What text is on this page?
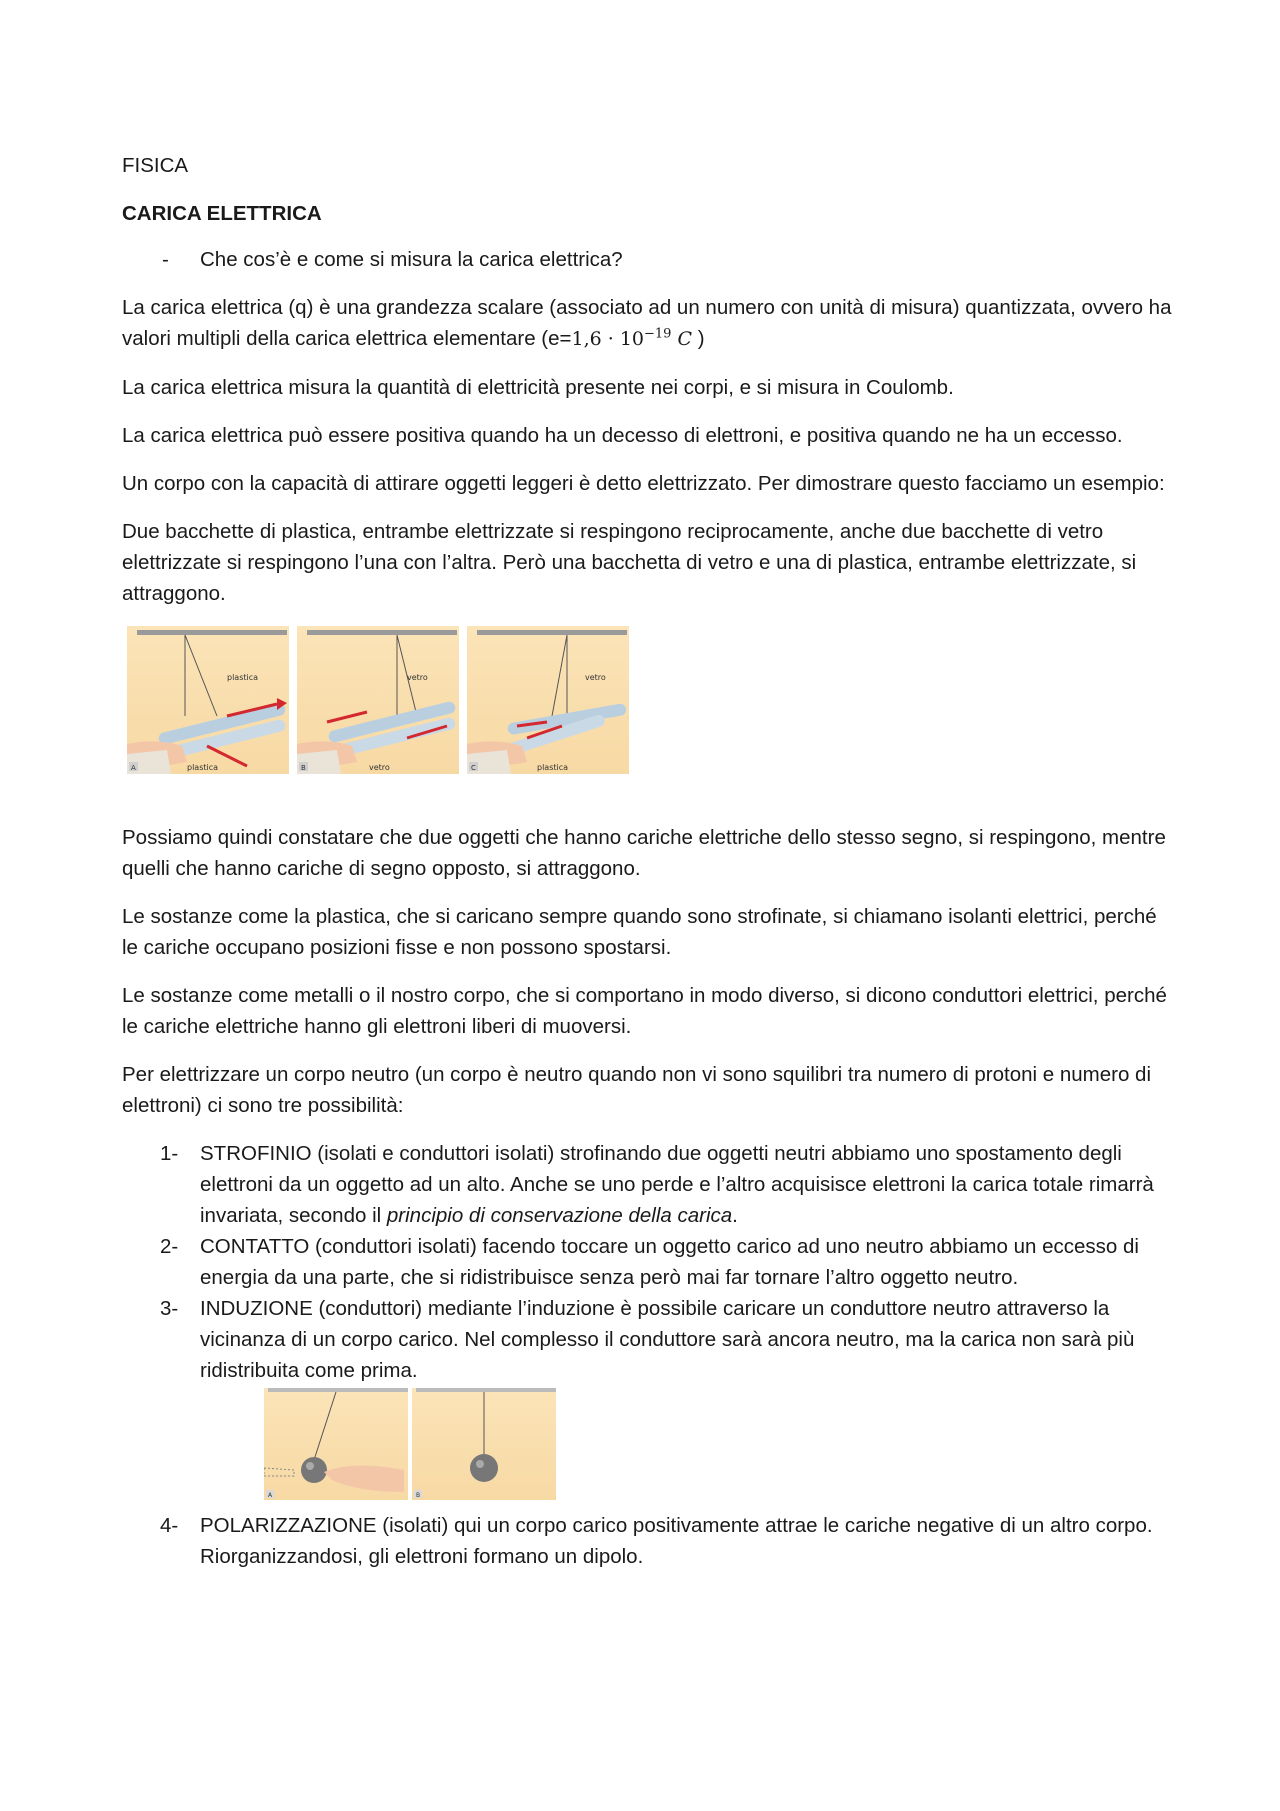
FISICA

CARICA ELETTRICA

-	Che cos’è e come si misura la carica elettrica?

La carica elettrica (q) è una grandezza scalare (associato ad un numero con unità di misura) quantizzata, ovvero ha valori multipli della carica elettrica elementare ($e=1,6 \cdot 10^{-19}$ C )

La carica elettrica misura la quantità di elettricità presente nei corpi, e si misura in Coulomb.

La carica elettrica può essere positiva quando ha un decesso di elettroni, e positiva quando ne ha un eccesso.

Un corpo con la capacità di attirare oggetti leggeri è detto elettrizzato. Per dimostrare questo facciamo un esempio:

Due bacchette di plastica, entrambe elettrizzate si respingono reciprocamente, anche due bacchette di vetro elettrizzate si respingono l’una con l’altra. Però una bacchetta di vetro e una di plastica, entrambe elettrizzate, si attraggono.

A
plastica
plastica	B
vetro
vetro	C
vetro
plastica

Possiamo quindi constatare che due oggetti che hanno cariche elettriche dello stesso segno, si respingono, mentre quelli che hanno cariche di segno opposto, si attraggono.

Le sostanze come la plastica, che si caricano sempre quando sono strofinate, si chiamano isolanti elettrici, perché le cariche occupano posizioni fisse e non possono spostarsi.

Le sostanze come metalli o il nostro corpo, che si comportano in modo diverso, si dicono conduttori elettrici, perché le cariche elettriche hanno gli elettroni liberi di muoversi.

Per elettrizzare un corpo neutro (un corpo è neutro quando non vi sono squilibri tra numero di protoni e numero di elettroni) ci sono tre possibilità:

1-	STROFINIO (isolati e conduttori isolati) strofinando due oggetti neutri abbiamo uno spostamento degli elettroni da un oggetto ad un alto. Anche se uno perde e l’altro acquisisce elettroni la carica totale rimarrà invariata, secondo il principio di conservazione della carica.
2-	CONTATTO (conduttori isolati) facendo toccare un oggetto carico ad uno neutro abbiamo un eccesso di energia da una parte, che si ridistribuisce senza però mai far tornare l’altro oggetto neutro.
3-	INDUZIONE (conduttori) mediante l’induzione è possibile caricare un conduttore neutro attraverso la vicinanza di un corpo carico. Nel complesso il conduttore sarà ancora neutro, ma la carica non sarà più ridistribuita come prima.
A	B
4-	POLARIZZAZIONE (isolati) qui un corpo carico positivamente attrae le cariche negative di un altro corpo. Riorganizzandosi, gli elettroni formano un dipolo.
